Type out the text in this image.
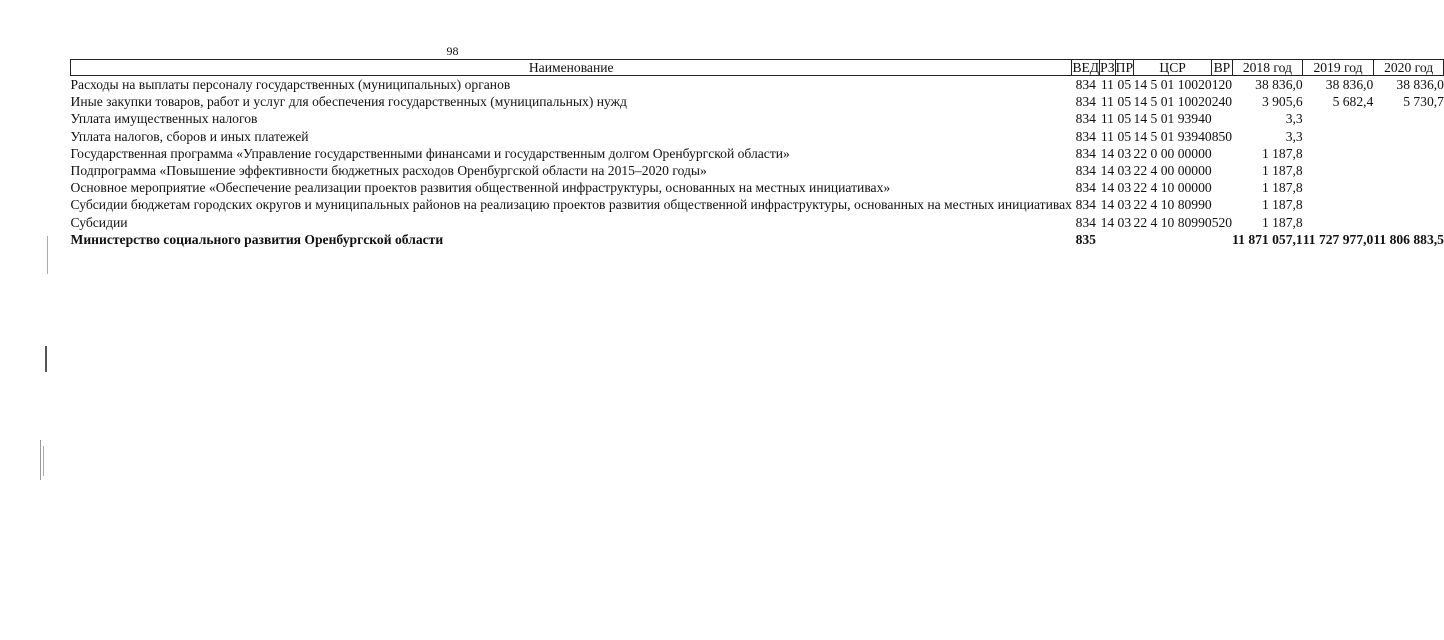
98
Наименование	ВЕД	РЗ	ПР	ЦСР	ВР	2018 год	2019 год	2020 год
Расходы на выплаты персоналу государственных (муниципальных) органов	834	11	05	14 5 01 10020	120	38 836,0	38 836,0	38 836,0
Иные закупки товаров, работ и услуг для обеспечения государственных (муниципальных) нужд	834	11	05	14 5 01 10020	240	3 905,6	5 682,4	5 730,7
Уплата имущественных налогов	834	11	05	14 5 01 93940		3,3		
Уплата налогов, сборов и иных платежей	834	11	05	14 5 01 93940	850	3,3		
Государственная программа «Управление государственными финансами и государственным долгом Оренбургской области»	834	14	03	22 0 00 00000		1 187,8		
Подпрограмма «Повышение эффективности бюджетных расходов Оренбургской области на 2015–2020 годы»	834	14	03	22 4 00 00000		1 187,8		
Основное мероприятие «Обеспечение реализации проектов развития общественной инфраструктуры, основанных на местных инициативах»	834	14	03	22 4 10 00000		1 187,8		
Субсидии бюджетам городских округов и муниципальных районов на реализацию проектов развития общественной инфраструктуры, основанных на местных инициативах	834	14	03	22 4 10 80990		1 187,8		
Субсидии	834	14	03	22 4 10 80990	520	1 187,8		
Министерство социального развития Оренбургской области	835					11 871 057,1	11 727 977,0	11 806 883,5
